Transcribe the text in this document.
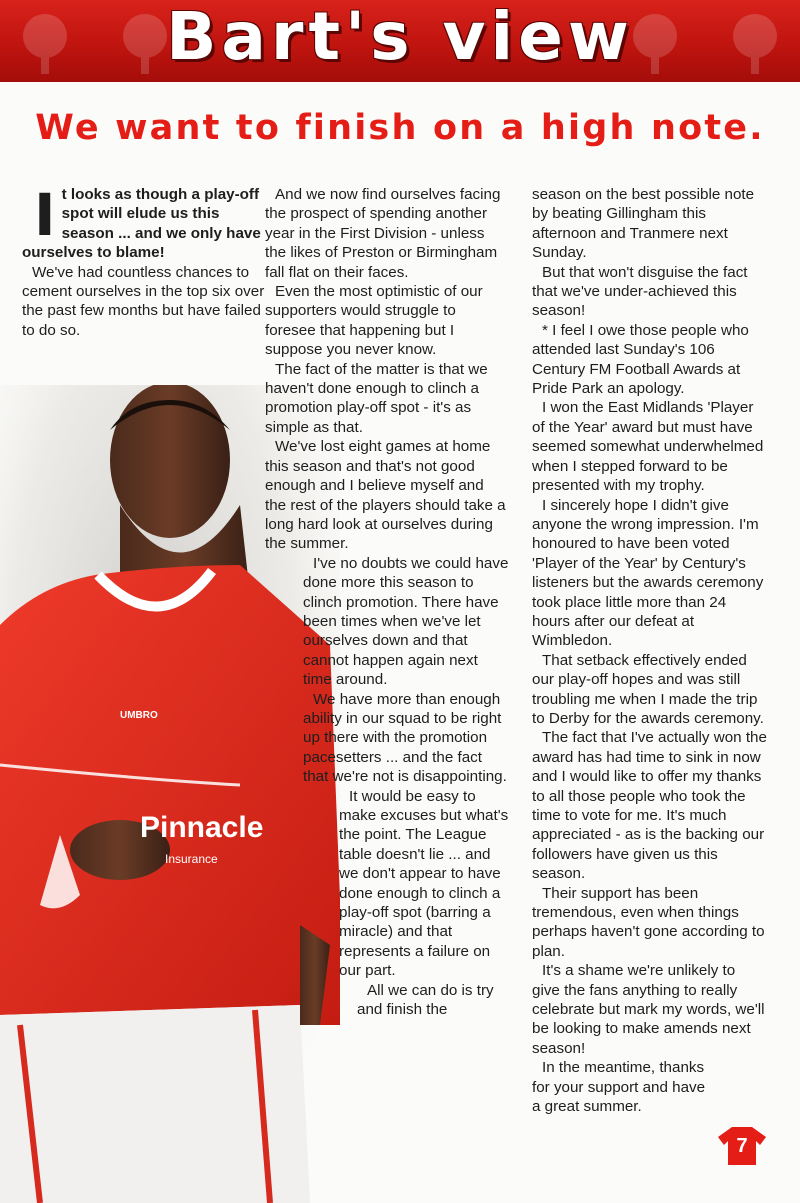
Bart's view
We want to finish on a high note.
UMBRO
Pinnacle
Insurance

It looks as though a play-off spot will elude us this season ... and we only have ourselves to blame!

We've had countless chances to cement ourselves in the top six over the past few months but have failed to do so.

And we now find ourselves facing the prospect of spending another year in the First Division - unless the likes of Preston or Birmingham fall flat on their faces.

Even the most optimistic of our supporters would struggle to foresee that happening but I suppose you never know.

The fact of the matter is that we haven't done enough to clinch a promotion play-off spot - it's as simple as that.

We've lost eight games at home this season and that's not good enough and I believe myself and the rest of the players should take a long hard look at ourselves during the summer.

I've no doubts we could have done more this season to clinch promotion. There have been times when we've let ourselves down and that cannot happen again next time around.

We have more than enough ability in our squad to be right up there with the promotion pacesetters ... and the fact that we're not is disappointing.

It would be easy to make excuses but what's the point. The League table doesn't lie ... and we don't appear to have done enough to clinch a play-off spot (barring a miracle) and that represents a failure on our part.

All we can do is try and finish the

season on the best possible note by beating Gillingham this afternoon and Tranmere next Sunday.

But that won't disguise the fact that we've under-achieved this season!

* I feel I owe those people who attended last Sunday's 106 Century FM Football Awards at Pride Park an apology.

I won the East Midlands 'Player of the Year' award but must have seemed somewhat underwhelmed when I stepped forward to be presented with my trophy.

I sincerely hope I didn't give anyone the wrong impression. I'm honoured to have been voted 'Player of the Year' by Century's listeners but the awards ceremony took place little more than 24 hours after our defeat at Wimbledon.

That setback effectively ended our play-off hopes and was still troubling me when I made the trip to Derby for the awards ceremony.

The fact that I've actually won the award has had time to sink in now and I would like to offer my thanks to all those people who took the time to vote for me. It's much appreciated - as is the backing our followers have given us this season.

Their support has been tremendous, even when things perhaps haven't gone according to plan.

It's a shame we're unlikely to give the fans anything to really celebrate but mark my words, we'll be looking to make amends next season!

In the meantime, thanks for your support and have a great summer.

7
